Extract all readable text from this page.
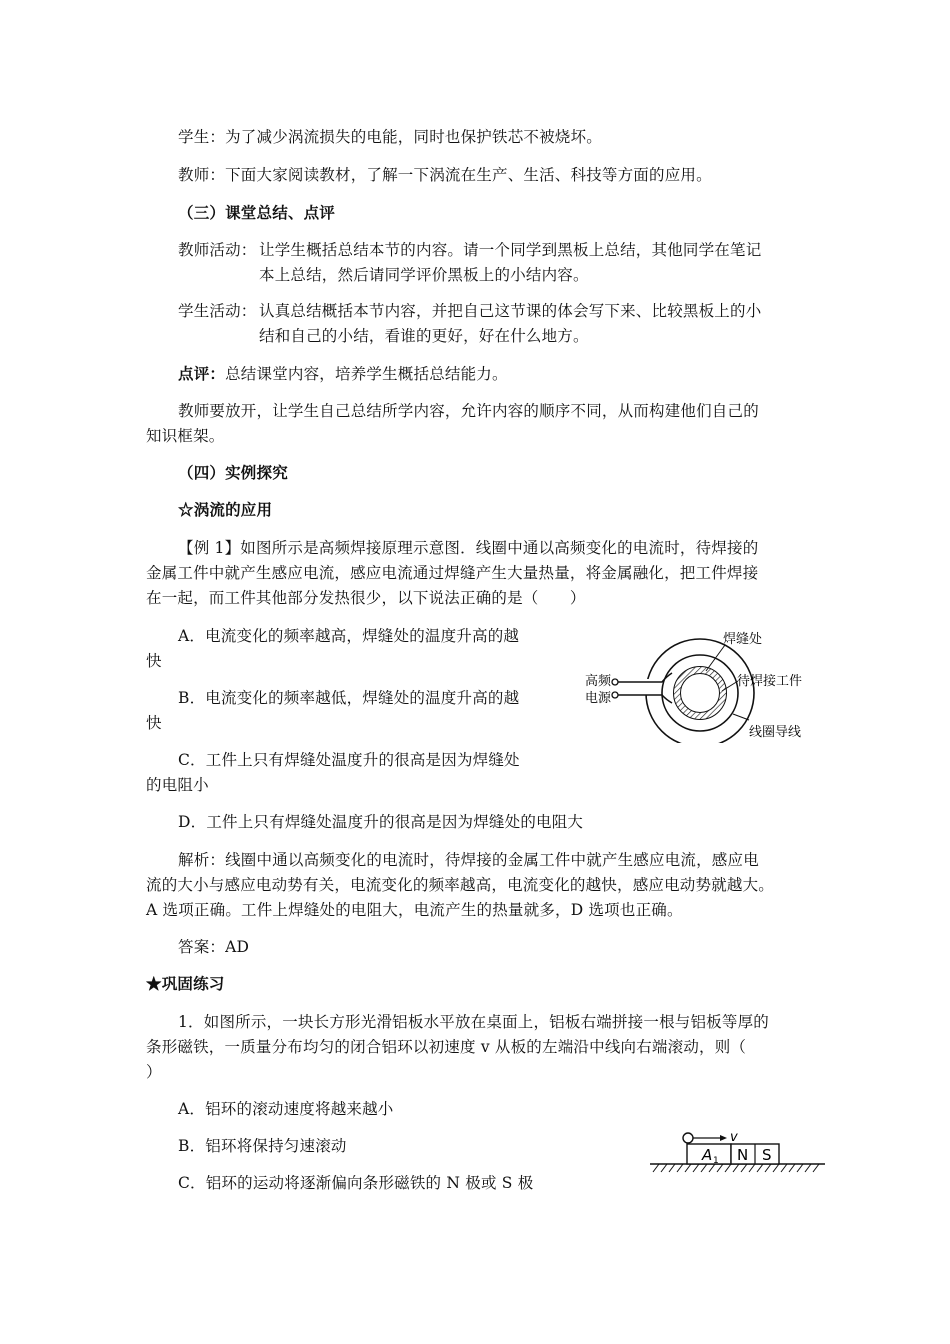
学生：为了减少涡流损失的电能，同时也保护铁芯不被烧坏。
教师：下面大家阅读教材，了解一下涡流在生产、生活、科技等方面的应用。
（三）课堂总结、点评
教师活动： 让学生概括总结本节的内容。请一个同学到黑板上总结，其他同学在笔记
本上总结，然后请同学评价黑板上的小结内容。
学生活动： 认真总结概括本节内容，并把自己这节课的体会写下来、比较黑板上的小
结和自己的小结，看谁的更好，好在什么地方。
点评：总结课堂内容，培养学生概括总结能力。
教师要放开，让学生自己总结所学内容，允许内容的顺序不同，从而构建他们自己的
知识框架。
（四）实例探究
☆涡流的应用
【例 1】如图所示是高频焊接原理示意图．线圈中通以高频变化的电流时，待焊接的
金属工件中就产生感应电流，感应电流通过焊缝产生大量热量，将金属融化，把工件焊接
在一起，而工件其他部分发热很少，以下说法正确的是（　　）
A．电流变化的频率越高，焊缝处的温度升高的越
快
B．电流变化的频率越低，焊缝处的温度升高的越
快
C．工件上只有焊缝处温度升的很高是因为焊缝处
的电阻小
D．工件上只有焊缝处温度升的很高是因为焊缝处的电阻大
高频
电源
焊缝处
待焊接工件
线圈导线
解析：线圈中通以高频变化的电流时，待焊接的金属工件中就产生感应电流，感应电
流的大小与感应电动势有关，电流变化的频率越高，电流变化的越快，感应电动势就越大。
A 选项正确。工件上焊缝处的电阻大，电流产生的热量就多，D 选项也正确。
答案：AD
★巩固练习
1．如图所示，一块长方形光滑铝板水平放在桌面上，铝板右端拼接一根与铝板等厚的
条形磁铁，一质量分布均匀的闭合铝环以初速度 v 从板的左端沿中线向右端滚动，则（
）
A．铝环的滚动速度将越来越小
B．铝环将保持匀速滚动
C．铝环的运动将逐渐偏向条形磁铁的 N 极或 S 极
v
A 1 N S
